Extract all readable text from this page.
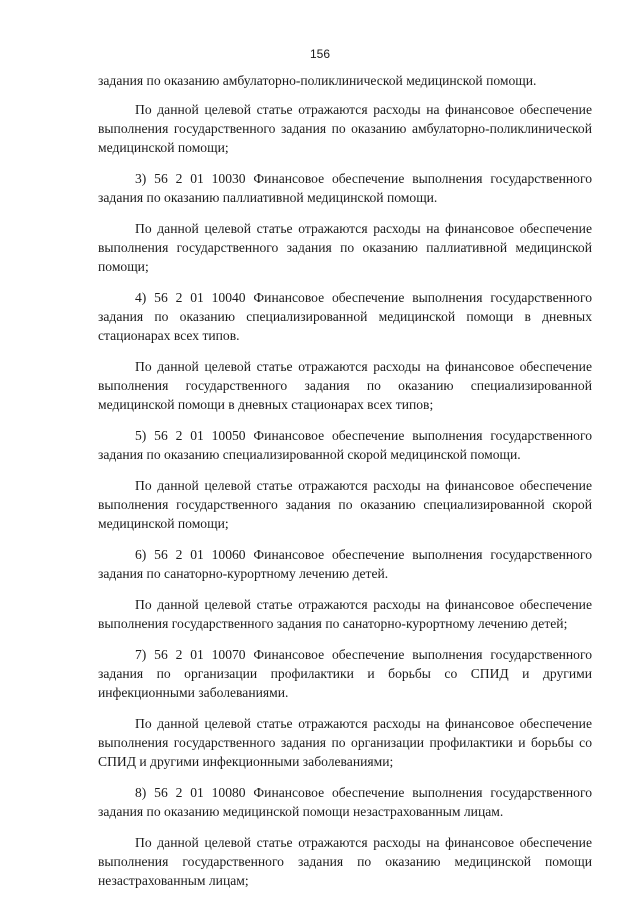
156

задания по оказанию амбулаторно-поликлинической медицинской помощи.

По данной целевой статье отражаются расходы на финансовое обеспечение выполнения государственного задания по оказанию амбулаторно-поликлинической медицинской помощи;

3) 56 2 01 10030 Финансовое обеспечение выполнения государственного задания по оказанию паллиативной медицинской помощи.

По данной целевой статье отражаются расходы на финансовое обеспечение выполнения государственного задания по оказанию паллиативной медицинской помощи;

4) 56 2 01 10040 Финансовое обеспечение выполнения государственного задания по оказанию специализированной медицинской помощи в дневных стационарах всех типов.

По данной целевой статье отражаются расходы на финансовое обеспечение выполнения государственного задания по оказанию специализированной медицинской помощи в дневных стационарах всех типов;

5) 56 2 01 10050 Финансовое обеспечение выполнения государственного задания по оказанию специализированной скорой медицинской помощи.

По данной целевой статье отражаются расходы на финансовое обеспечение выполнения государственного задания по оказанию специализированной скорой медицинской помощи;

6) 56 2 01 10060 Финансовое обеспечение выполнения государственного задания по санаторно-курортному лечению детей.

По данной целевой статье отражаются расходы на финансовое обеспечение выполнения государственного задания по санаторно-курортному лечению детей;

7) 56 2 01 10070 Финансовое обеспечение выполнения государственного задания по организации профилактики и борьбы со СПИД и другими инфекционными заболеваниями.

По данной целевой статье отражаются расходы на финансовое обеспечение выполнения государственного задания по организации профилактики и борьбы со СПИД и другими инфекционными заболеваниями;

8) 56 2 01 10080 Финансовое обеспечение выполнения государственного задания по оказанию медицинской помощи незастрахованным лицам.

По данной целевой статье отражаются расходы на финансовое обеспечение выполнения государственного задания по оказанию медицинской помощи незастрахованным лицам;
